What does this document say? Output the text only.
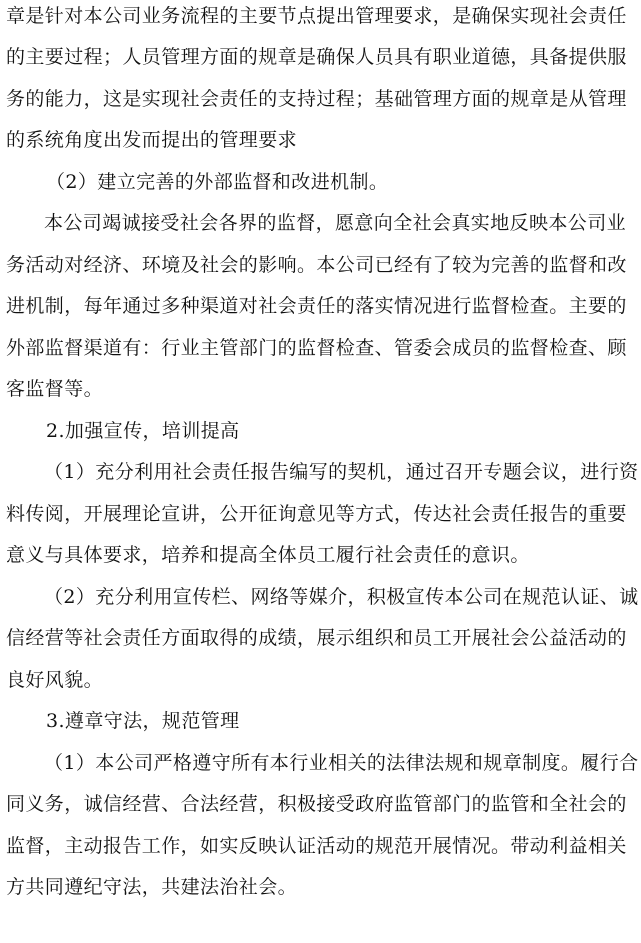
章是针对本公司业务流程的主要节点提出管理要求，是确保实现社会责任
的主要过程；人员管理方面的规章是确保人员具有职业道德，具备提供服
务的能力，这是实现社会责任的支持过程；基础管理方面的规章是从管理
的系统角度出发而提出的管理要求
（2）建立完善的外部监督和改进机制。
本公司竭诚接受社会各界的监督，愿意向全社会真实地反映本公司业
务活动对经济、环境及社会的影响。本公司已经有了较为完善的监督和改
进机制，每年通过多种渠道对社会责任的落实情况进行监督检查。主要的
外部监督渠道有：行业主管部门的监督检查、管委会成员的监督检查、顾
客监督等。
2.加强宣传，培训提高
（1）充分利用社会责任报告编写的契机，通过召开专题会议，进行资
料传阅，开展理论宣讲，公开征询意见等方式，传达社会责任报告的重要
意义与具体要求，培养和提高全体员工履行社会责任的意识。
（2）充分利用宣传栏、网络等媒介，积极宣传本公司在规范认证、诚
信经营等社会责任方面取得的成绩，展示组织和员工开展社会公益活动的
良好风貌。
3.遵章守法，规范管理
（1）本公司严格遵守所有本行业相关的法律法规和规章制度。履行合
同义务，诚信经营、合法经营，积极接受政府监管部门的监管和全社会的
监督，主动报告工作，如实反映认证活动的规范开展情况。带动利益相关
方共同遵纪守法，共建法治社会。
